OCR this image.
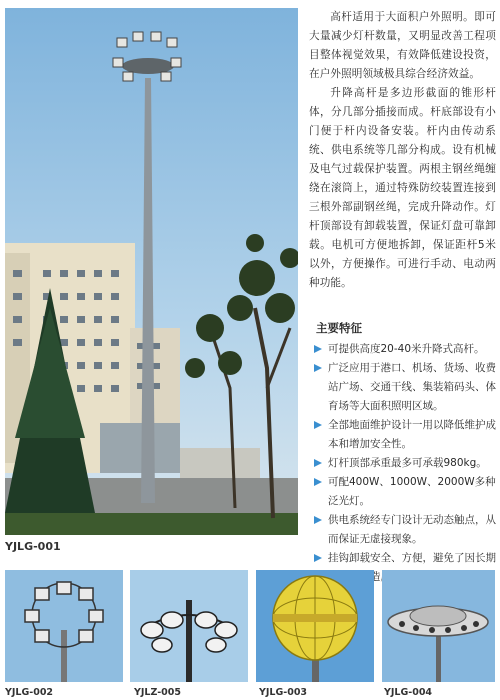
YJLG-001

高杆适用于大面积户外照明。即可大量减少灯杆数量，又明显改善工程项目整体视觉效果，有效降低建设投资，在户外照明领域极具综合经济效益。

升降高杆是多边形截面的锥形杆体，分几部分插接而成。杆底部设有小门便于杆内设备安装。杆内由传动系统、供电系统等几部分构成。设有机械及电气过载保护装置。两根主钢丝绳缠绕在滚筒上，通过特殊防绞装置连接到三根外部副钢丝绳，完成升降动作。灯杆顶部设有卸载装置，保证灯盘可靠卸载。电机可方便地拆卸，保证距杆5米以外，方便操作。可进行手动、电动两种功能。

主要特征
可提供高度20-40米升降式高杆。
广泛应用于港口、机场、货场、收费站广场、交通干线、集装箱码头、体育场等大面积照明区域。
全部地面维护设计一用以降低维护成本和增加安全性。
灯杆顶部承重最多可承载980kg。
可配400W、1000W、2000W多种泛光灯。
供电系统经专门设计无动态触点，从而保证无虚接现象。
挂钩卸载安全、方便，避免了因长期 造
YJLG-002	YJLZ-005	YJLG-003	YJLG-004
